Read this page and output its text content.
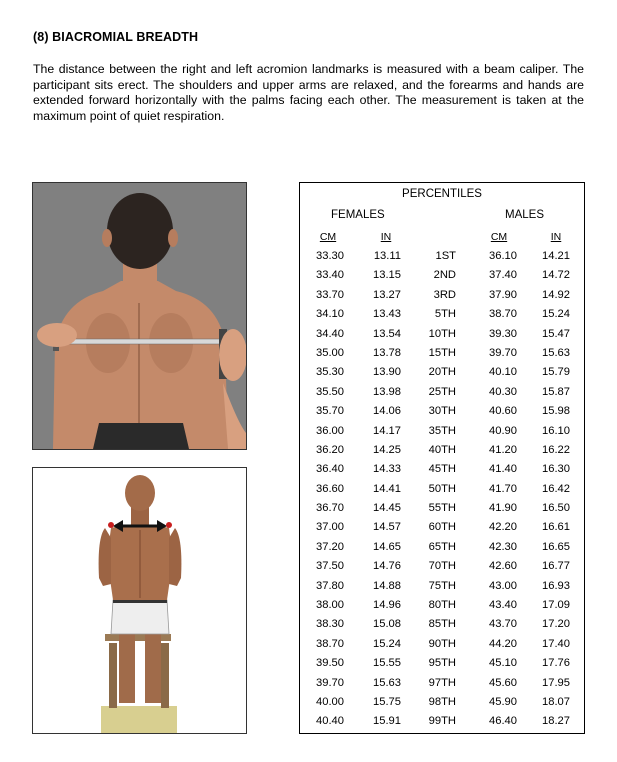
(8) BIACROMIAL BREADTH
The distance between the right and left acromion landmarks is measured with a beam caliper. The participant sits erect. The shoulders and upper arms are relaxed, and the forearms and hands are extended forward horizontally with the palms facing each other. The measurement is taken at the maximum point of quiet respiration.
PERCENTILES
FEMALES	MALES
CM	IN	CM	IN
33.30	13.11	1ST	36.10	14.21
33.40	13.15	2ND	37.40	14.72
33.70	13.27	3RD	37.90	14.92
34.10	13.43	5TH	38.70	15.24
34.40	13.54	10TH	39.30	15.47
35.00	13.78	15TH	39.70	15.63
35.30	13.90	20TH	40.10	15.79
35.50	13.98	25TH	40.30	15.87
35.70	14.06	30TH	40.60	15.98
36.00	14.17	35TH	40.90	16.10
36.20	14.25	40TH	41.20	16.22
36.40	14.33	45TH	41.40	16.30
36.60	14.41	50TH	41.70	16.42
36.70	14.45	55TH	41.90	16.50
37.00	14.57	60TH	42.20	16.61
37.20	14.65	65TH	42.30	16.65
37.50	14.76	70TH	42.60	16.77
37.80	14.88	75TH	43.00	16.93
38.00	14.96	80TH	43.40	17.09
38.30	15.08	85TH	43.70	17.20
38.70	15.24	90TH	44.20	17.40
39.50	15.55	95TH	45.10	17.76
39.70	15.63	97TH	45.60	17.95
40.00	15.75	98TH	45.90	18.07
40.40	15.91	99TH	46.40	18.27
